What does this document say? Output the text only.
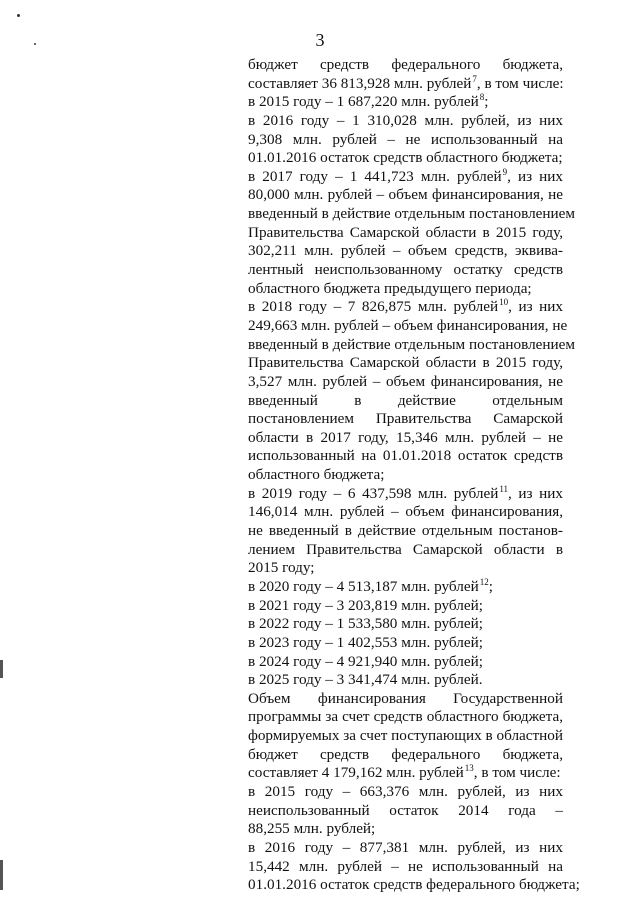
3
бюджет средств федерального бюджета,
составляет 36 813,928 млн. рублей$^7$, в том числе:
в 2015 году – 1 687,220 млн. рублей$^8$;
в 2016 году – 1 310,028 млн. рублей, из них
9,308 млн. рублей – не использованный на
01.01.2016 остаток средств областного бюджета;
в 2017 году – 1 441,723 млн. рублей$^9$, из них
80,000 млн. рублей – объем финансирования, не
введенный в действие отдельным постановлением
Правительства Самарской области в 2015 году,
302,211 млн. рублей – объем средств, эквива-
лентный неиспользованному остатку средств
областного бюджета предыдущего периода;
в 2018 году – 7 826,875 млн. рублей$^{10}$, из них
249,663 млн. рублей – объем финансирования, не
введенный в действие отдельным постановлением
Правительства Самарской области в 2015 году,
3,527 млн. рублей – объем финансирования, не
введенный в действие отдельным
постановлением Правительства Самарской
области в 2017 году, 15,346 млн. рублей – не
использованный на 01.01.2018 остаток средств
областного бюджета;
в 2019 году – 6 437,598 млн. рублей$^{11}$, из них
146,014 млн. рублей – объем финансирования,
не введенный в действие отдельным постанов-
лением Правительства Самарской области в
2015 году;
в 2020 году – 4 513,187 млн. рублей$^{12}$;
в 2021 году – 3 203,819 млн. рублей;
в 2022 году – 1 533,580 млн. рублей;
в 2023 году – 1 402,553 млн. рублей;
в 2024 году – 4 921,940 млн. рублей;
в 2025 году – 3 341,474 млн. рублей.
Объем финансирования Государственной
программы за счет средств областного бюджета,
формируемых за счет поступающих в областной
бюджет средств федерального бюджета,
составляет 4 179,162 млн. рублей$^{13}$, в том числе:
в 2015 году – 663,376 млн. рублей, из них
неиспользованный остаток 2014 года –
88,255 млн. рублей;
в 2016 году – 877,381 млн. рублей, из них
15,442 млн. рублей – не использованный на
01.01.2016 остаток средств федерального бюджета;
